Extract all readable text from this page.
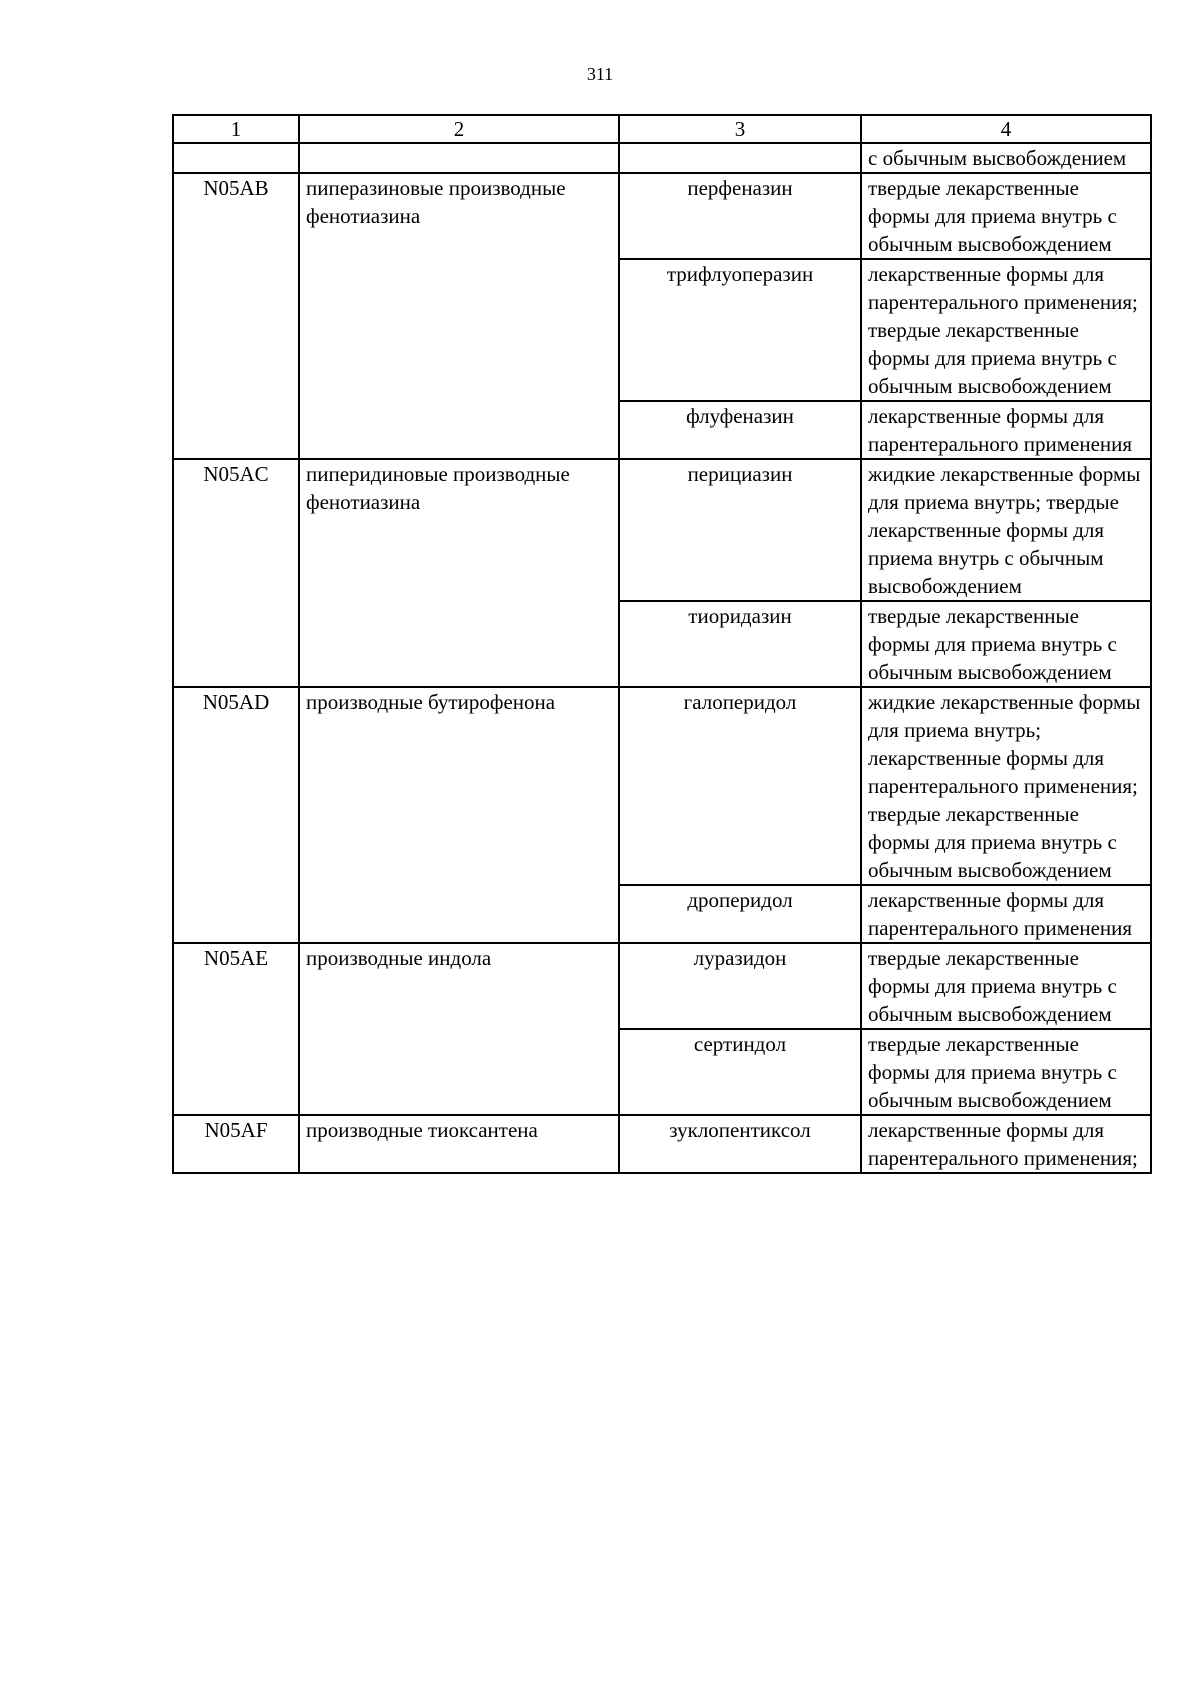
311
1	2	3	4
			с обычным высвобождением
N05AB	пиперазиновые производные фенотиазина	перфеназин	твердые лекарственные формы для приема внутрь с обычным высвобождением
		трифлуоперазин	лекарственные формы для парентерального применения; твердые лекарственные формы для приема внутрь с обычным высвобождением
		флуфеназин	лекарственные формы для парентерального применения
N05AC	пиперидиновые производные фенотиазина	перициазин	жидкие лекарственные формы для приема внутрь; твердые лекарственные формы для приема внутрь с обычным высвобождением
		тиоридазин	твердые лекарственные формы для приема внутрь с обычным высвобождением
N05AD	производные бутирофенона	галоперидол	жидкие лекарственные формы для приема внутрь; лекарственные формы для парентерального применения; твердые лекарственные формы для приема внутрь с обычным высвобождением
		дроперидол	лекарственные формы для парентерального применения
N05AE	производные индола	луразидон	твердые лекарственные формы для приема внутрь с обычным высвобождением
		сертиндол	твердые лекарственные формы для приема внутрь с обычным высвобождением
N05AF	производные тиоксантена	зуклопентиксол	лекарственные формы для парентерального применения;
